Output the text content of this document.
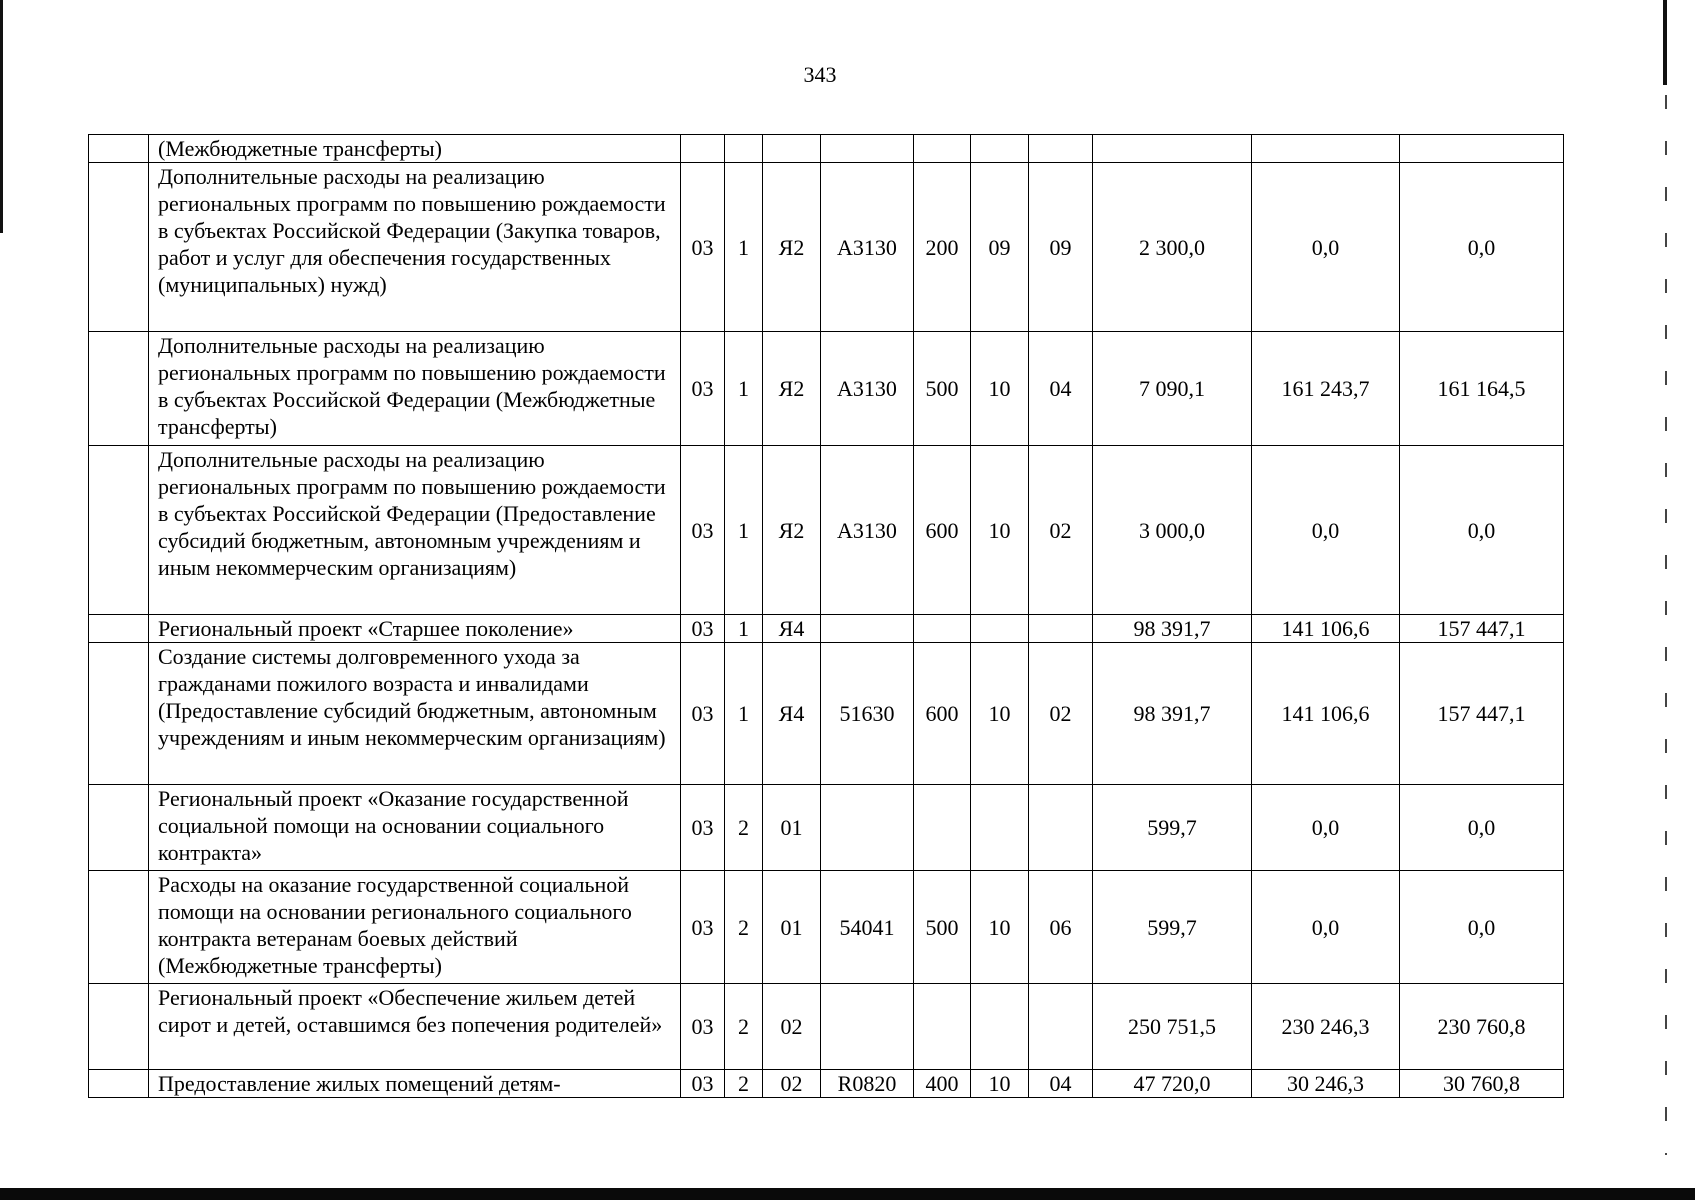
343
	(Межбюджетные трансферты)										
	Дополнительные расходы на реализацию региональных программ по повышению рождаемости в субъектах Российской Федерации (Закупка товаров, работ и услуг для обеспечения государственных (муниципальных) нужд)	03	1	Я2	А3130	200	09	09	2 300,0	0,0	0,0
	Дополнительные расходы на реализацию региональных программ по повышению рождаемости в субъектах Российской Федерации (Межбюджетные трансферты)	03	1	Я2	А3130	500	10	04	7 090,1	161 243,7	161 164,5
	Дополнительные расходы на реализацию региональных программ по повышению рождаемости в субъектах Российской Федерации (Предоставление субсидий бюджетным, автономным учреждениям и иным некоммерческим организациям)	03	1	Я2	А3130	600	10	02	3 000,0	0,0	0,0
	Региональный проект «Старшее поколение»	03	1	Я4					98 391,7	141 106,6	157 447,1
	Создание системы долговременного ухода за гражданами пожилого возраста и инвалидами (Предоставление субсидий бюджетным, автономным учреждениям и иным некоммерческим организациям)	03	1	Я4	51630	600	10	02	98 391,7	141 106,6	157 447,1
	Региональный проект «Оказание государственной социальной помощи на основании социального контракта»	03	2	01					599,7	0,0	0,0
	Расходы на оказание государственной социальной помощи на основании регионального социального контракта ветеранам боевых действий (Межбюджетные трансферты)	03	2	01	54041	500	10	06	599,7	0,0	0,0
	Региональный проект «Обеспечение жильем детей сирот и детей, оставшимся без попечения родителей»	03	2	02					250 751,5	230 246,3	230 760,8
	Предоставление жилых помещений детям-	03	2	02	R0820	400	10	04	47 720,0	30 246,3	30 760,8
